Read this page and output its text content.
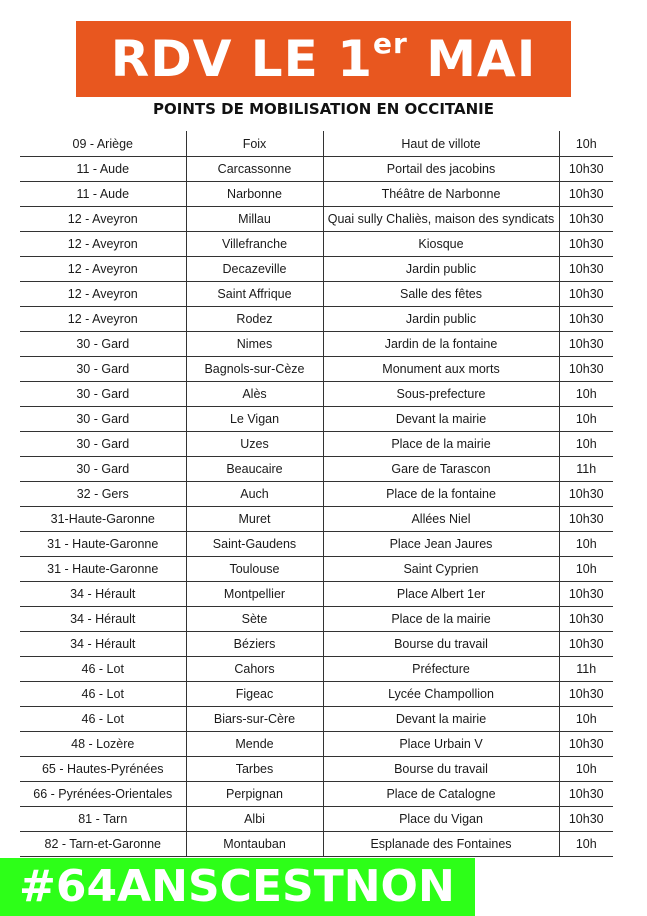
RDV LE 1er MAI
POINTS DE MOBILISATION EN OCCITANIE
09 - Ariège	Foix	Haut de villote	10h
11 - Aude	Carcassonne	Portail des jacobins	10h30
11 - Aude	Narbonne	Théâtre de Narbonne	10h30
12 - Aveyron	Millau	Quai sully Chaliès, maison des syndicats	10h30
12 - Aveyron	Villefranche	Kiosque	10h30
12 - Aveyron	Decazeville	Jardin public	10h30
12 - Aveyron	Saint Affrique	Salle des fêtes	10h30
12 - Aveyron	Rodez	Jardin public	10h30
30 - Gard	Nimes	Jardin de la fontaine	10h30
30 - Gard	Bagnols-sur-Cèze	Monument aux morts	10h30
30 - Gard	Alès	Sous-prefecture	10h
30 - Gard	Le Vigan	Devant la mairie	10h
30 - Gard	Uzes	Place de la mairie	10h
30 - Gard	Beaucaire	Gare de Tarascon	11h
32 - Gers	Auch	Place de la fontaine	10h30
31-Haute-Garonne	Muret	Allées Niel	10h30
31 - Haute-Garonne	Saint-Gaudens	Place Jean Jaures	10h
31 - Haute-Garonne	Toulouse	Saint Cyprien	10h
34 - Hérault	Montpellier	Place Albert 1er	10h30
34 - Hérault	Sète	Place de la mairie	10h30
34 - Hérault	Béziers	Bourse du travail	10h30
46 - Lot	Cahors	Préfecture	11h
46 - Lot	Figeac	Lycée Champollion	10h30
46 - Lot	Biars-sur-Cère	Devant la mairie	10h
48 - Lozère	Mende	Place Urbain V	10h30
65 - Hautes-Pyrénées	Tarbes	Bourse du travail	10h
66 - Pyrénées-Orientales	Perpignan	Place de Catalogne	10h30
81 - Tarn	Albi	Place du Vigan	10h30
82 - Tarn-et-Garonne	Montauban	Esplanade des Fontaines	10h
#64ANSCESTNON
